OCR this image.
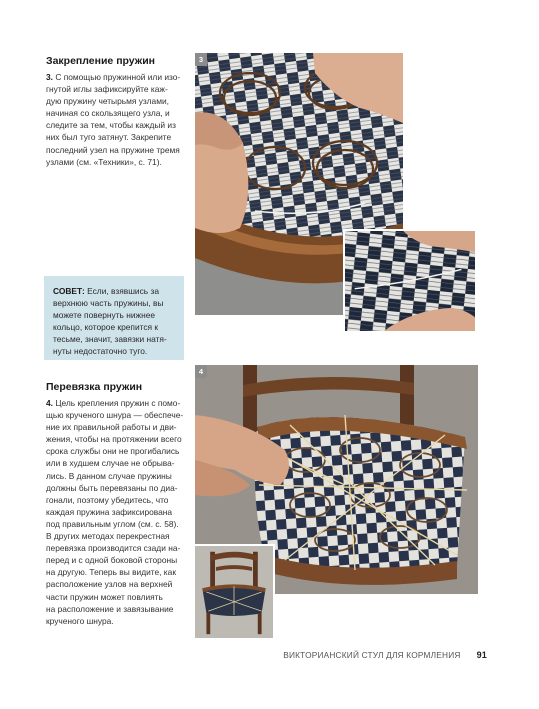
Закрепление пружин

3. С помощью пружинной или изо-
гнутой иглы зафиксируйте каж-
дую пружину четырьмя узлами,
начиная со скользящего узла, и
следите за тем, чтобы каждый из
них был туго затянут. Закрепите
последний узел на пружине тремя
узлами (см. «Техники», с. 71).

СОВЕТ: Если, взявшись за
верхнюю часть пружины, вы
можете повернуть нижнее
кольцо, которое крепится к
тесьме, значит, завязки натя-
нуты недостаточно туго.

Перевязка пружин

4. Цель крепления пружин с помо-
щью крученого шнура — обеспече-
ние их правильной работы и дви-
жения, чтобы на протяжении всего
срока службы они не прогибались
или в худшем случае не обрыва-
лись. В данном случае пружины
должны быть перевязаны по диа-
гонали, поэтому убедитесь, что
каждая пружина зафиксирована
под правильным углом (см. с. 58).
В других методах перекрестная
перевязка производится сзади на-
перед и с одной боковой стороны
на другую. Теперь вы видите, как
расположение узлов на верхней
части пружин может повлиять
на расположение и завязывание
крученого шнура.

3
4
ВИКТОРИАНСКИЙ СТУЛ ДЛЯ КОРМЛЕНИЯ 91
